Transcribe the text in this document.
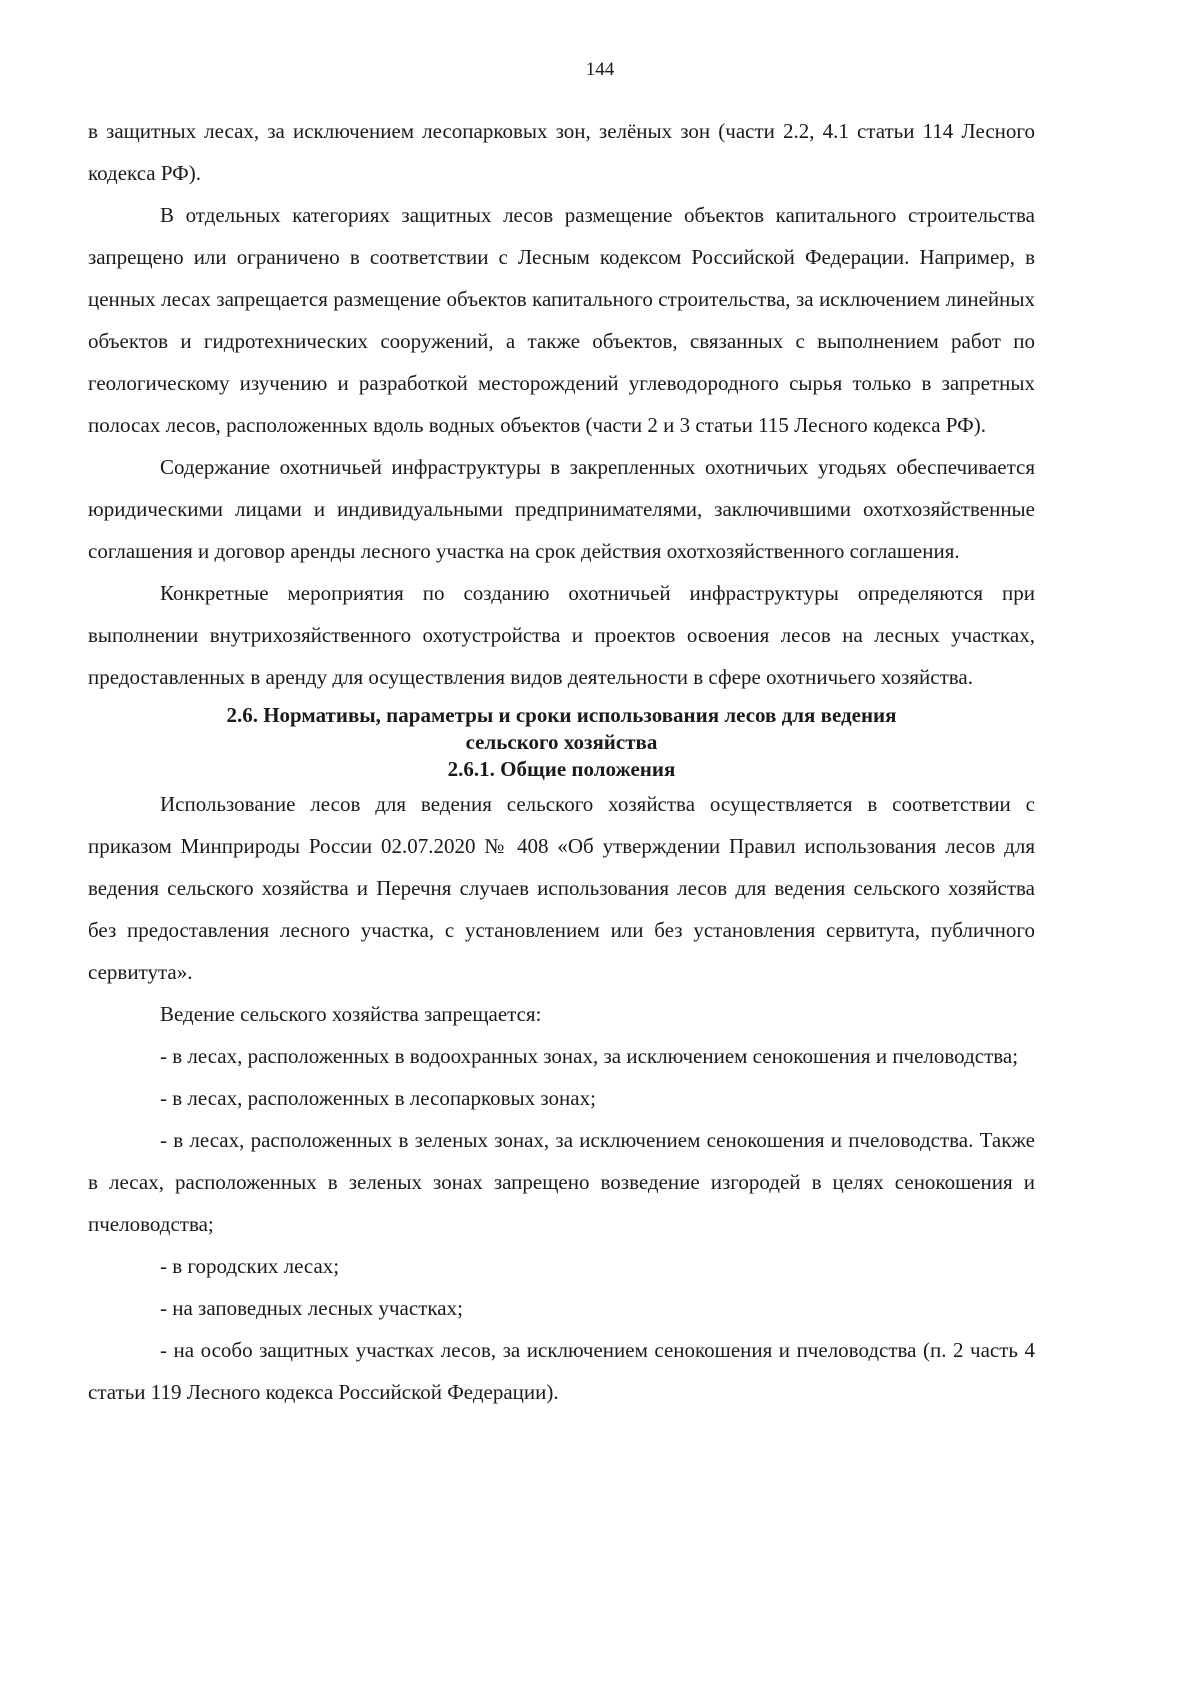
144

в защитных лесах, за исключением лесопарковых зон, зелёных зон (части 2.2, 4.1 статьи 114 Лесного кодекса РФ).

В отдельных категориях защитных лесов размещение объектов капитального строительства запрещено или ограничено в соответствии с Лесным кодексом Российской Федерации. Например, в ценных лесах запрещается размещение объектов капитального строительства, за исключением линейных объектов и гидротехнических сооружений, а также объектов, связанных с выполнением работ по геологическому изучению и разработкой месторождений углеводородного сырья только в запретных полосах лесов, расположенных вдоль водных объектов (части 2 и 3 статьи 115 Лесного кодекса РФ).

Содержание охотничьей инфраструктуры в закрепленных охотничьих угодьях обеспечивается юридическими лицами и индивидуальными предпринимателями, заключившими охотхозяйственные соглашения и договор аренды лесного участка на срок действия охотхозяйственного соглашения.

Конкретные мероприятия по созданию охотничьей инфраструктуры определяются при выполнении внутрихозяйственного охотустройства и проектов освоения лесов на лесных участках, предоставленных в аренду для осуществления видов деятельности в сфере охотничьего хозяйства.

2.6. Нормативы, параметры и сроки использования лесов для ведения
сельского хозяйства
2.6.1. Общие положения

Использование лесов для ведения сельского хозяйства осуществляется в соответствии с приказом Минприроды России 02.07.2020 № 408 «Об утверждении Правил использования лесов для ведения сельского хозяйства и Перечня случаев использования лесов для ведения сельского хозяйства без предоставления лесного участка, с установлением или без установления сервитута, публичного сервитута».

Ведение сельского хозяйства запрещается:

- в лесах, расположенных в водоохранных зонах, за исключением сенокошения и пчеловодства;

- в лесах, расположенных в лесопарковых зонах;

- в лесах, расположенных в зеленых зонах, за исключением сенокошения и пчеловодства. Также в лесах, расположенных в зеленых зонах запрещено возведение изгородей в целях сенокошения и пчеловодства;

- в городских лесах;

- на заповедных лесных участках;

- на особо защитных участках лесов, за исключением сенокошения и пчеловодства (п. 2 часть 4 статьи 119 Лесного кодекса Российской Федерации).
